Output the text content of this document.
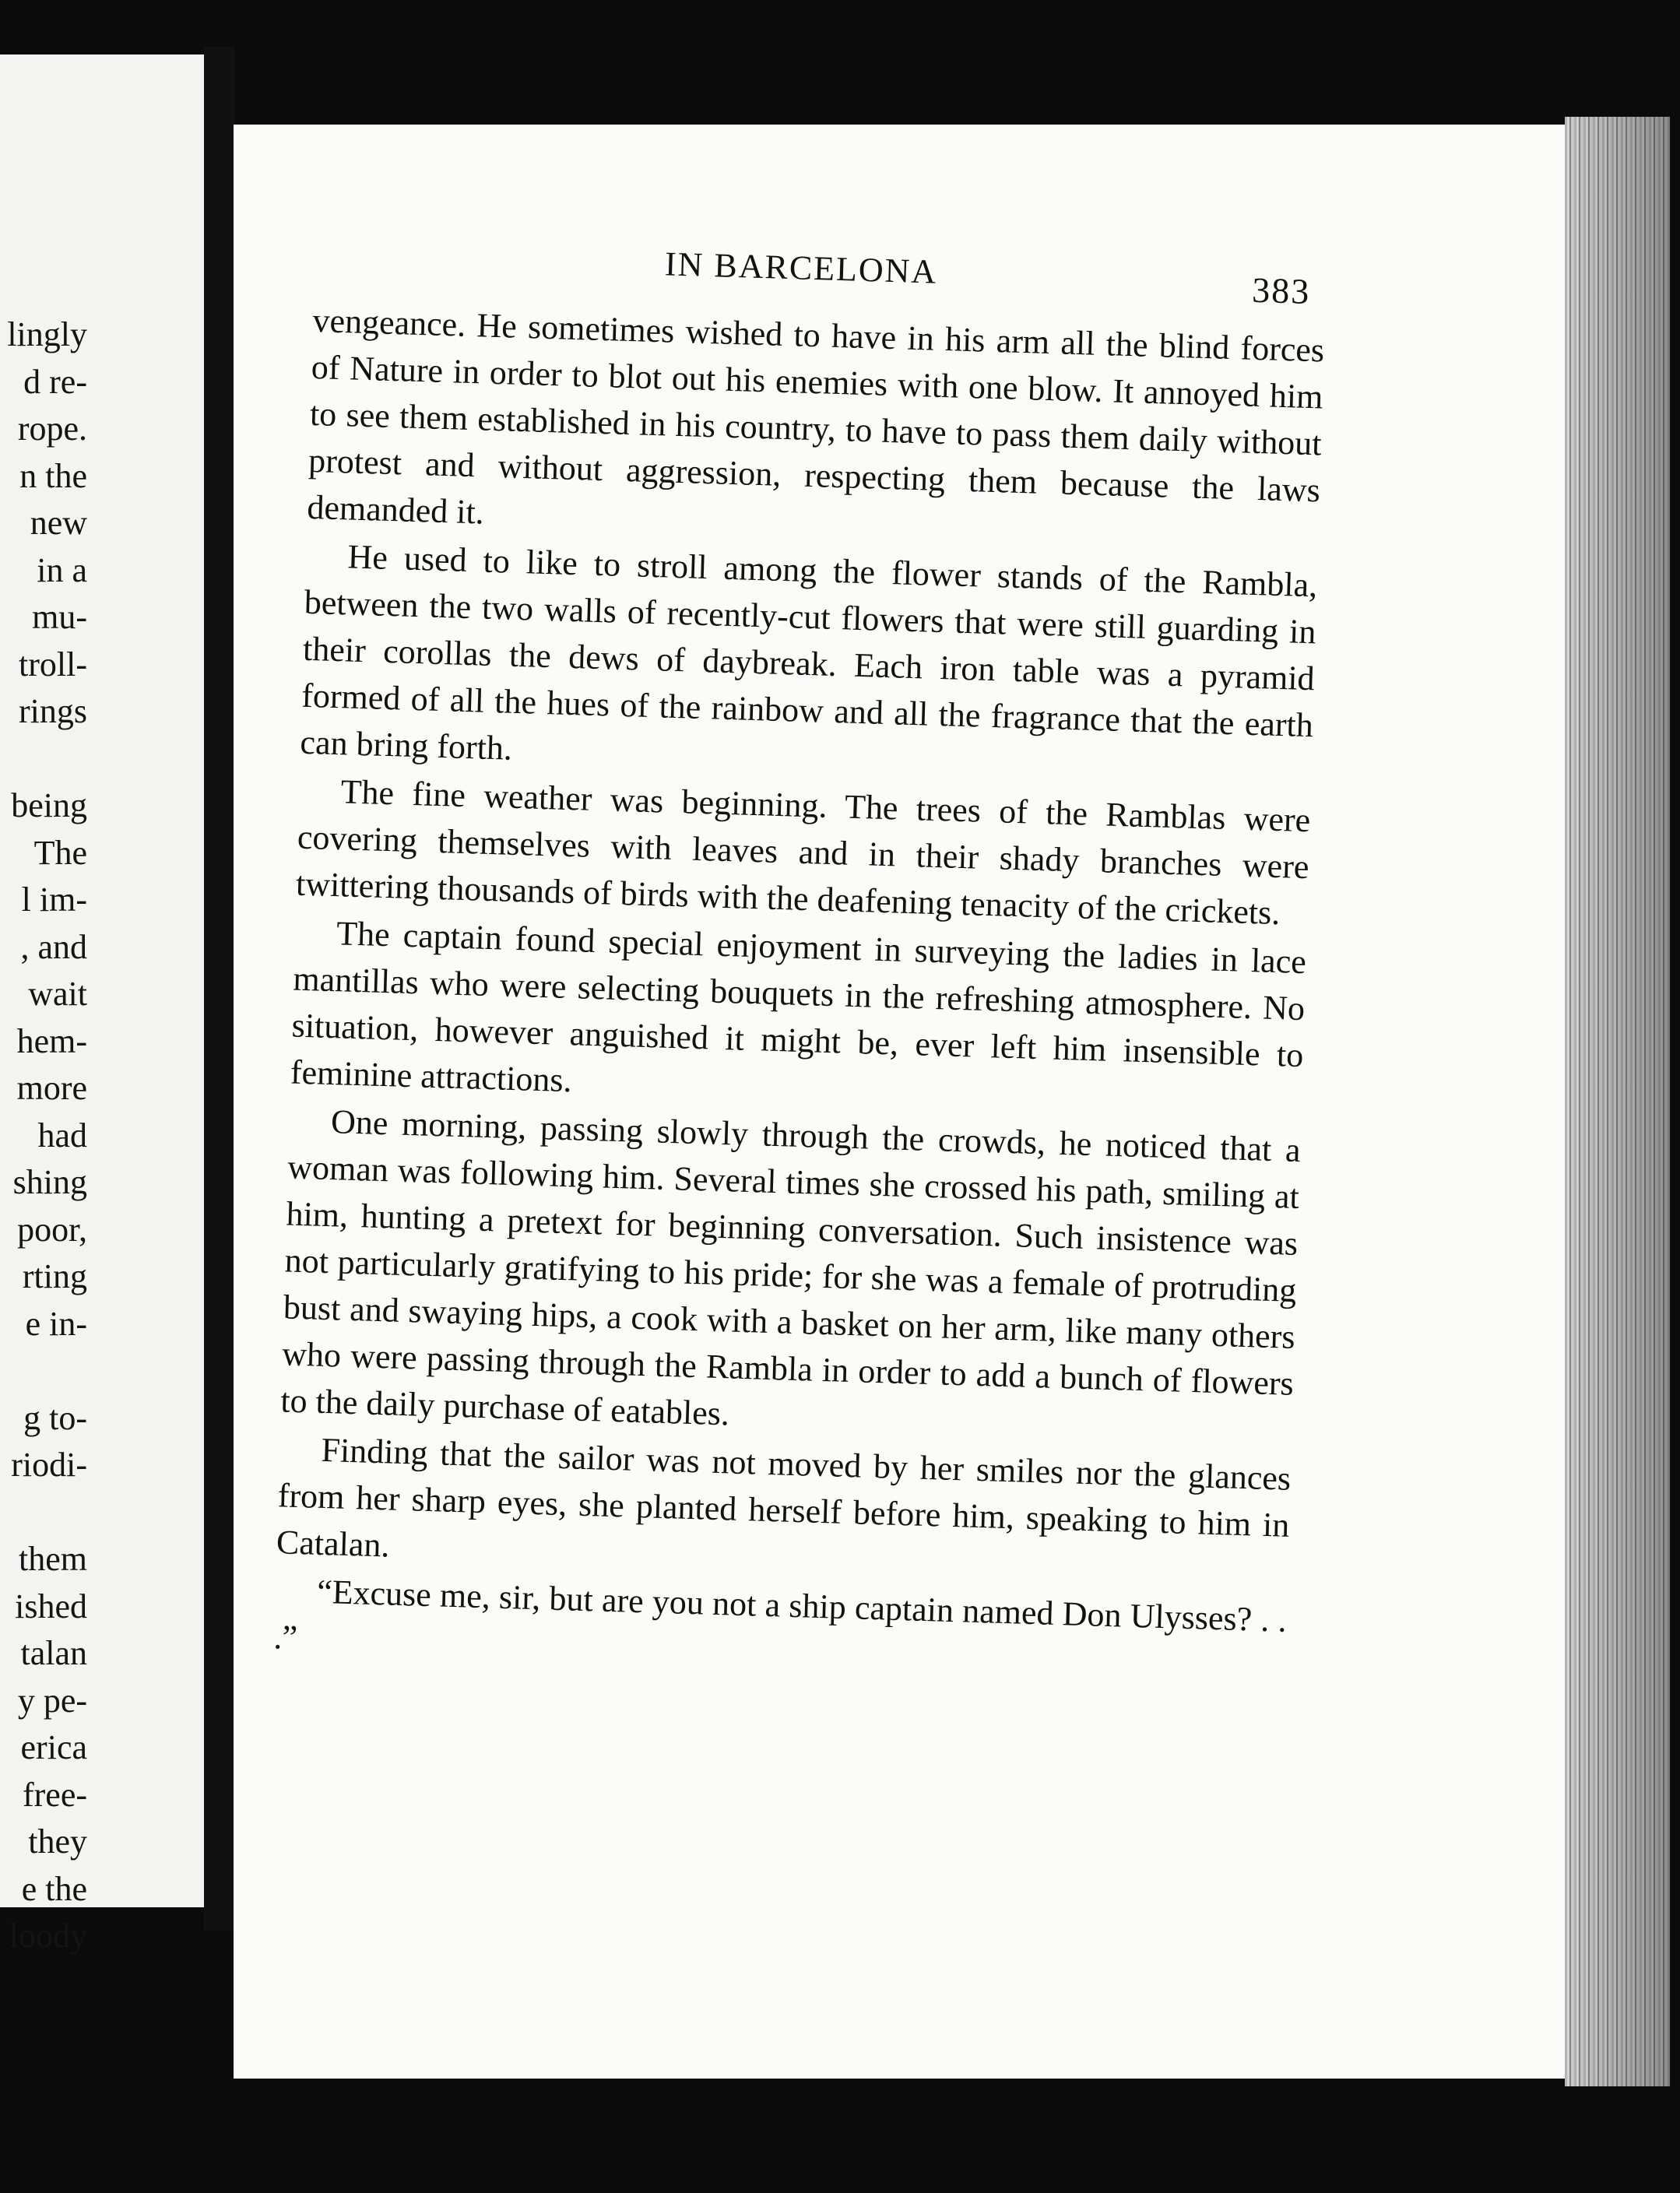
lingly
d re-
rope.
n the
new
in a
mu-
troll-
rings
being
The
l im-
, and
wait
hem-
more
had
shing
poor,
rting
e in-
g to-
riodi-
them
ished
talan
y pe-
erica
free-
they
e the
loody
IN BARCELONA	383

vengeance. He sometimes wished to have in his arm all the blind forces of Nature in order to blot out his enemies with one blow. It annoyed him to see them established in his country, to have to pass them daily without protest and without aggression, respecting them because the laws demanded it.

He used to like to stroll among the flower stands of the Rambla, between the two walls of recently-cut flowers that were still guarding in their corollas the dews of daybreak. Each iron table was a pyramid formed of all the hues of the rainbow and all the fragrance that the earth can bring forth.

The fine weather was beginning. The trees of the Ramblas were covering themselves with leaves and in their shady branches were twittering thousands of birds with the deafening tenacity of the crickets.

The captain found special enjoyment in surveying the ladies in lace mantillas who were selecting bouquets in the refreshing atmosphere. No situation, however anguished it might be, ever left him insensible to feminine attractions.

One morning, passing slowly through the crowds, he noticed that a woman was following him. Several times she crossed his path, smiling at him, hunting a pretext for beginning conversation. Such insistence was not particularly gratifying to his pride; for she was a female of protruding bust and swaying hips, a cook with a basket on her arm, like many others who were passing through the Rambla in order to add a bunch of flowers to the daily purchase of eatables.

Finding that the sailor was not moved by her smiles nor the glances from her sharp eyes, she planted herself before him, speaking to him in Catalan.

“Excuse me, sir, but are you not a ship captain named Don Ulysses? . . .”
